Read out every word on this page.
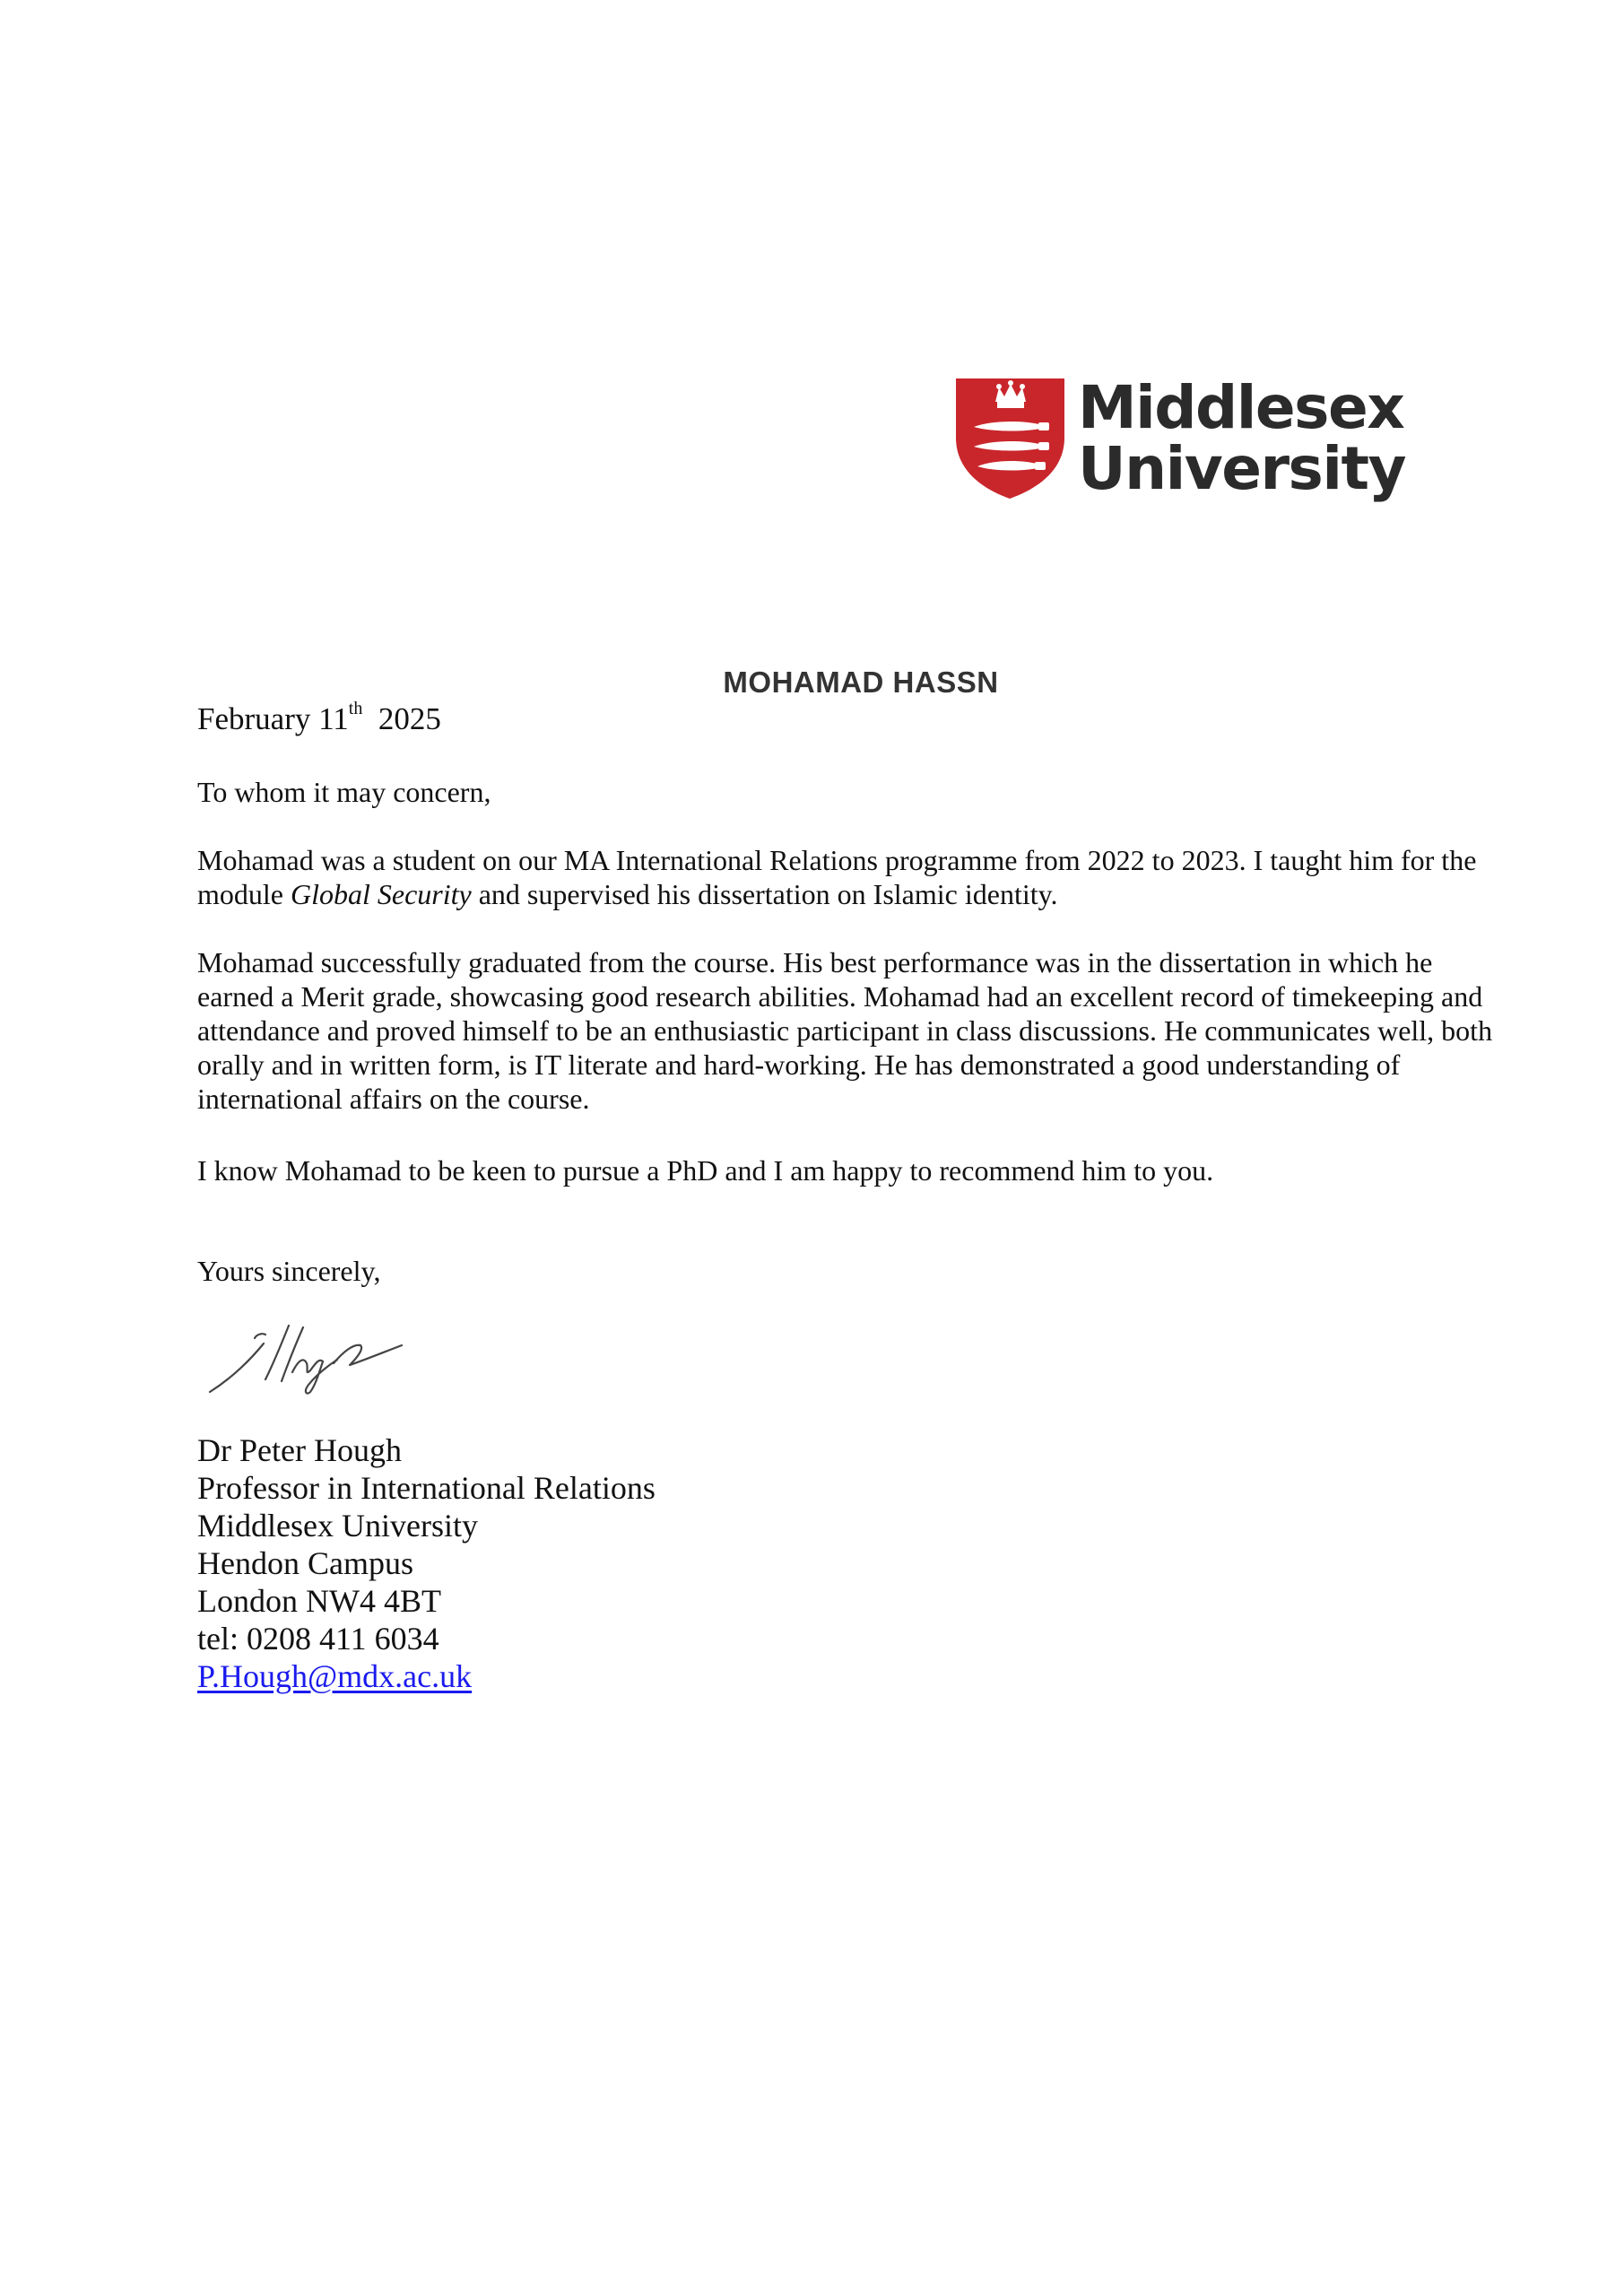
Middlesex
University
MOHAMAD HASSN

February 11th 2025

To whom it may concern,

Mohamad was a student on our MA International Relations programme from 2022 to 2023. I taught him for the module Global Security and supervised his dissertation on Islamic identity.

Mohamad successfully graduated from the course. His best performance was in the dissertation in which he earned a Merit grade, showcasing good research abilities. Mohamad had an excellent record of timekeeping and attendance and proved himself to be an enthusiastic participant in class discussions. He communicates well, both orally and in written form, is IT literate and hard-working. He has demonstrated a good understanding of international affairs on the course.

I know Mohamad to be keen to pursue a PhD and I am happy to recommend him to you.

Yours sincerely,

Dr Peter Hough
Professor in International Relations
Middlesex University
Hendon Campus
London NW4 4BT
tel: 0208 411 6034
P.Hough@mdx.ac.uk
